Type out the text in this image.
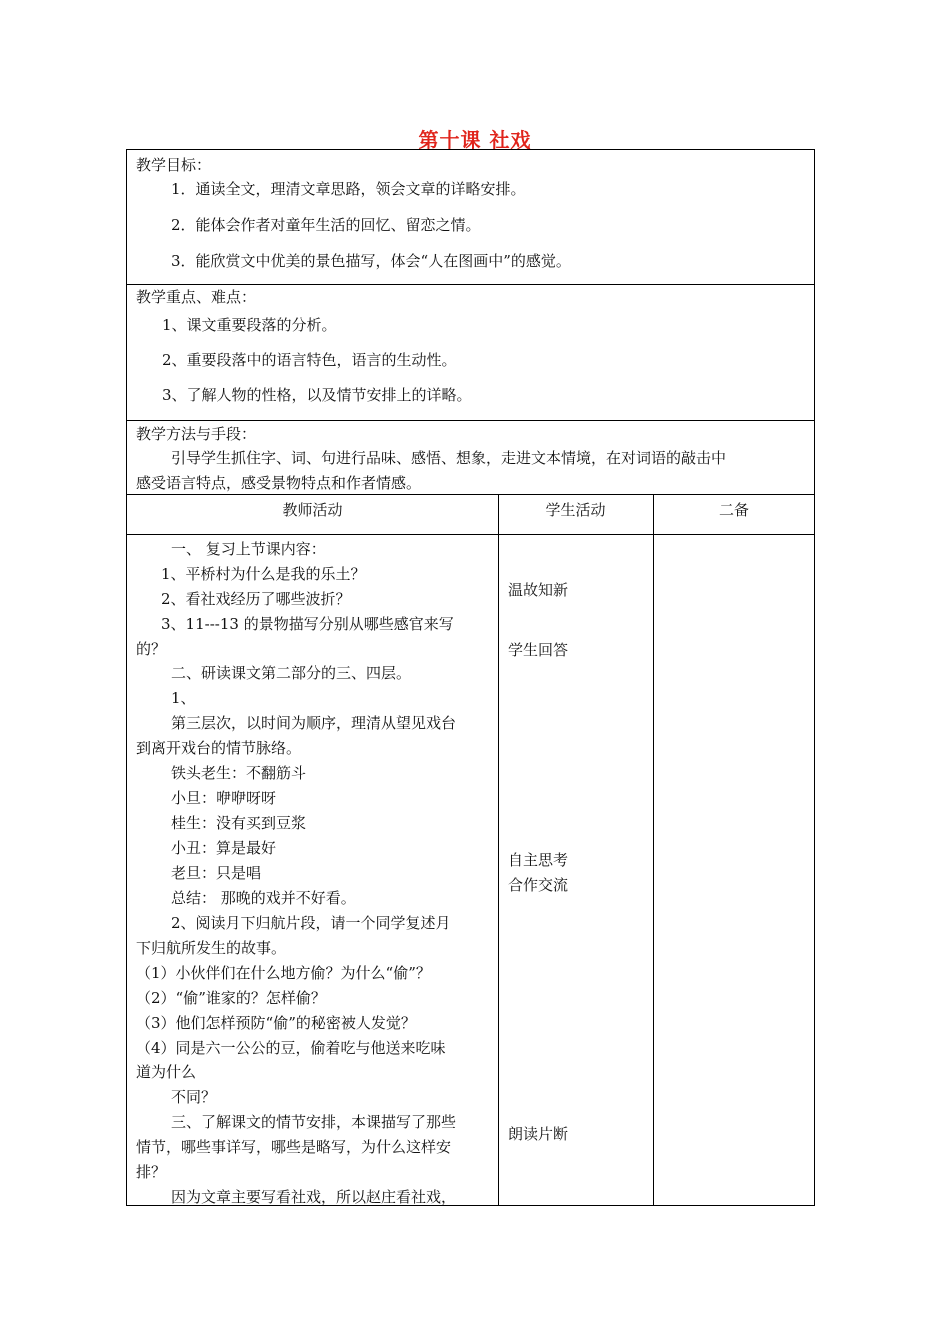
第十课 社戏
教学目标：
1．通读全文，理清文章思路，领会文章的详略安排。
2．能体会作者对童年生活的回忆、留恋之情。
3．能欣赏文中优美的景色描写，体会“人在图画中”的感觉。
教学重点、难点：
1、课文重要段落的分析。
2、重要段落中的语言特色，语言的生动性。
3、了解人物的性格，以及情节安排上的详略。
教学方法与手段：
引导学生抓住字、词、句进行品味、感悟、想象，走进文本情境，在对词语的敲击中
感受语言特点，感受景物特点和作者情感。
教师活动	学生活动	二备
一、 复习上节课内容：
1、平桥村为什么是我的乐土？
2、看社戏经历了哪些波折？
3、11---13 的景物描写分别从哪些感官来写
的？
二、研读课文第二部分的三、四层。
1、
第三层次，以时间为顺序，理清从望见戏台
到离开戏台的情节脉络。
铁头老生：不翻筋斗
小旦：咿咿呀呀
桂生：没有买到豆浆
小丑：算是最好
老旦：只是唱
总结： 那晚的戏并不好看。
2、阅读月下归航片段，请一个同学复述月
下归航所发生的故事。
（1）小伙伴们在什么地方偷？为什么“偷”？
（2）“偷”谁家的？怎样偷？
（3）他们怎样预防“偷”的秘密被人发觉？
（4）同是六一公公的豆，偷着吃与他送来吃味
道为什么
不同？
三、了解课文的情节安排，本课描写了那些
情节，哪些事详写，哪些是略写，为什么这样安
排？
因为文章主要写看社戏，所以赵庄看社戏，
温故知新
学生回答
自主思考
合作交流
朗读片断
